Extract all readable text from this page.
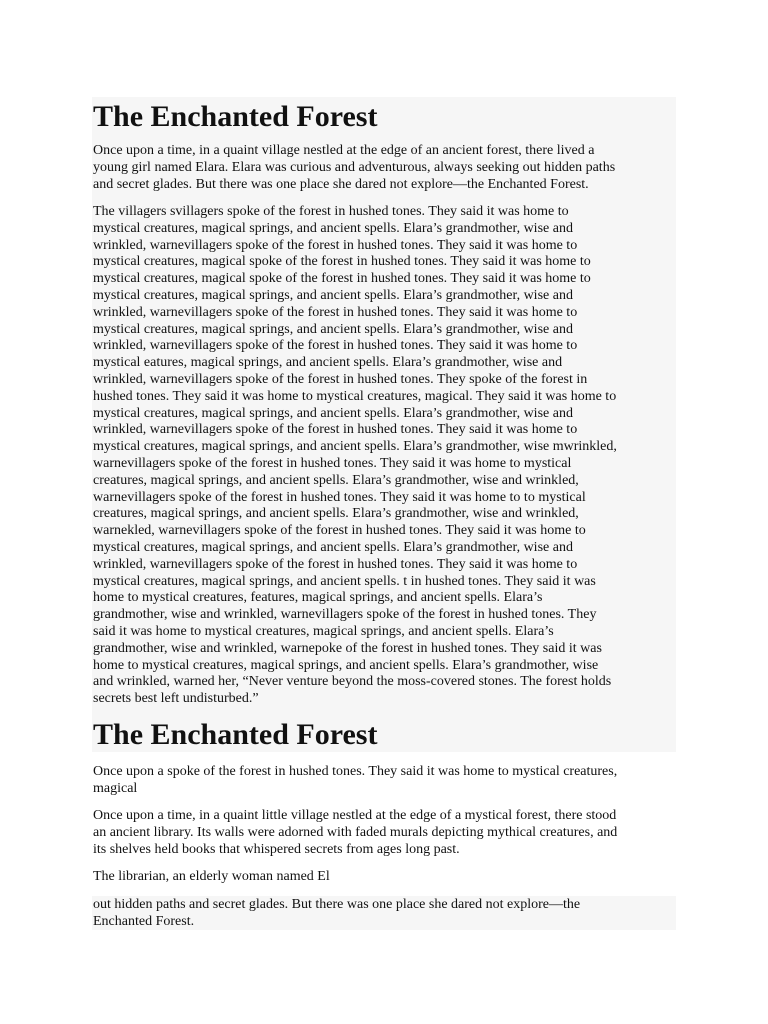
The Enchanted Forest

Once upon a time, in a quaint village nestled at the edge of an ancient forest, there lived a
young girl named Elara. Elara was curious and adventurous, always seeking out hidden paths
and secret glades. But there was one place she dared not explore—the Enchanted Forest.

The villagers svillagers spoke of the forest in hushed tones. They said it was home to
mystical creatures, magical springs, and ancient spells. Elara’s grandmother, wise and
wrinkled, warnevillagers spoke of the forest in hushed tones. They said it was home to
mystical creatures, magical spoke of the forest in hushed tones. They said it was home to
mystical creatures, magical spoke of the forest in hushed tones. They said it was home to
mystical creatures, magical springs, and ancient spells. Elara’s grandmother, wise and
wrinkled, warnevillagers spoke of the forest in hushed tones. They said it was home to
mystical creatures, magical springs, and ancient spells. Elara’s grandmother, wise and
wrinkled, warnevillagers spoke of the forest in hushed tones. They said it was home to
mystical eatures, magical springs, and ancient spells. Elara’s grandmother, wise and
wrinkled, warnevillagers spoke of the forest in hushed tones. They spoke of the forest in
hushed tones. They said it was home to mystical creatures, magical. They said it was home to
mystical creatures, magical springs, and ancient spells. Elara’s grandmother, wise and
wrinkled, warnevillagers spoke of the forest in hushed tones. They said it was home to
mystical creatures, magical springs, and ancient spells. Elara’s grandmother, wise mwrinkled,
warnevillagers spoke of the forest in hushed tones. They said it was home to mystical
creatures, magical springs, and ancient spells. Elara’s grandmother, wise and wrinkled,
warnevillagers spoke of the forest in hushed tones. They said it was home to to mystical
creatures, magical springs, and ancient spells. Elara’s grandmother, wise and wrinkled,
warnekled, warnevillagers spoke of the forest in hushed tones. They said it was home to
mystical creatures, magical springs, and ancient spells. Elara’s grandmother, wise and
wrinkled, warnevillagers spoke of the forest in hushed tones. They said it was home to
mystical creatures, magical springs, and ancient spells. t in hushed tones. They said it was
home to mystical creatures, features, magical springs, and ancient spells. Elara’s
grandmother, wise and wrinkled, warnevillagers spoke of the forest in hushed tones. They
said it was home to mystical creatures, magical springs, and ancient spells. Elara’s
grandmother, wise and wrinkled, warnepoke of the forest in hushed tones. They said it was
home to mystical creatures, magical springs, and ancient spells. Elara’s grandmother, wise
and wrinkled, warned her, “Never venture beyond the moss-covered stones. The forest holds
secrets best left undisturbed.”

The Enchanted Forest

Once upon a spoke of the forest in hushed tones. They said it was home to mystical creatures,
magical

Once upon a time, in a quaint little village nestled at the edge of a mystical forest, there stood
an ancient library. Its walls were adorned with faded murals depicting mythical creatures, and
its shelves held books that whispered secrets from ages long past.

The librarian, an elderly woman named El

out hidden paths and secret glades. But there was one place she dared not explore—the
Enchanted Forest.
